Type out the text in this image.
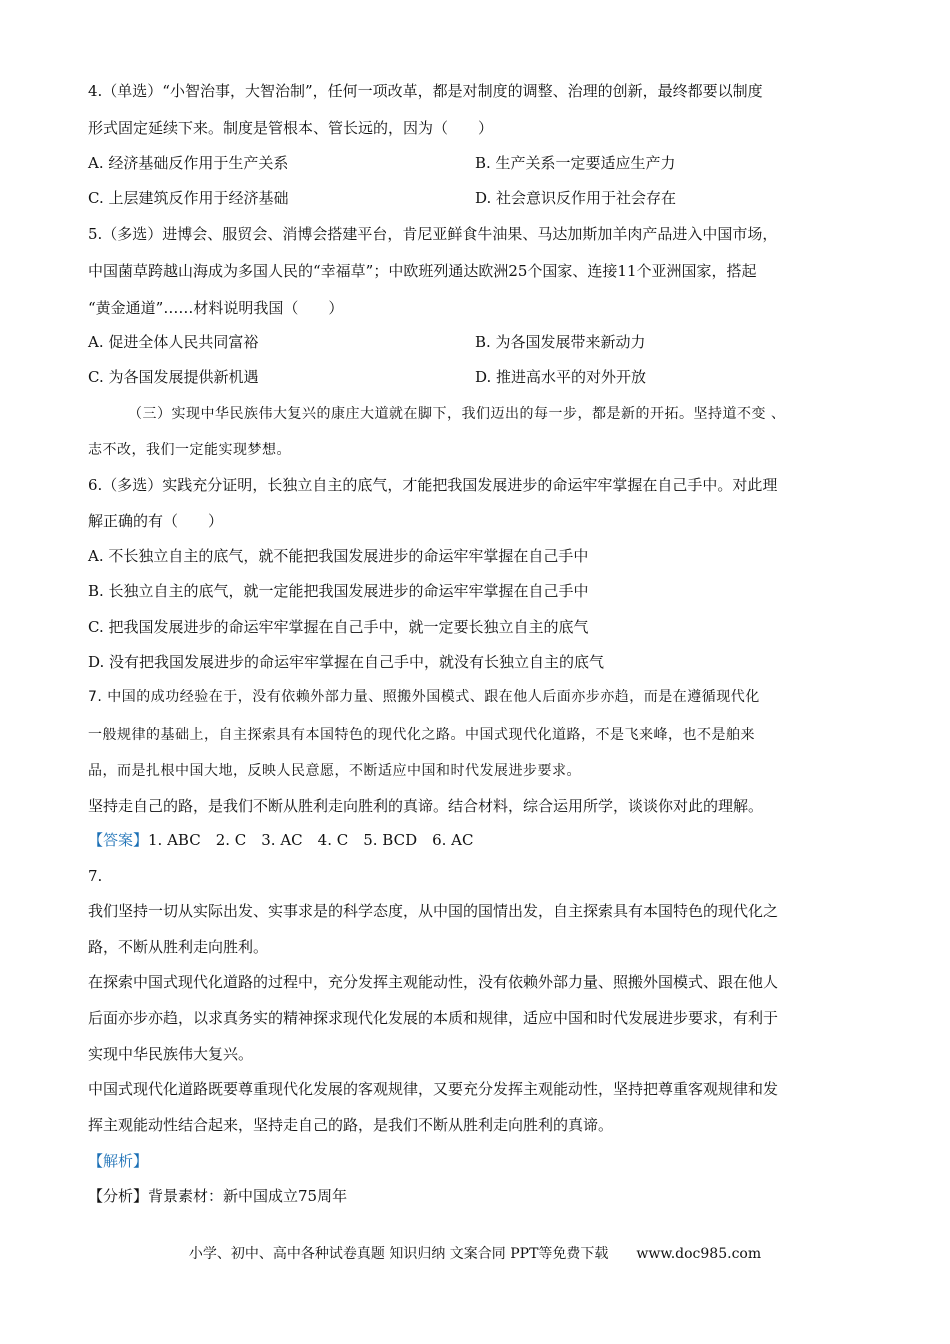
4.（单选）“小智治事，大智治制”，任何一项改革，都是对制度的调整、治理的创新，最终都要以制度
形式固定延续下来。制度是管根本、管长远的，因为（　　）
A. 经济基础反作用于生产关系	B. 生产关系一定要适应生产力
C. 上层建筑反作用于经济基础	D. 社会意识反作用于社会存在
5.（多选）进博会、服贸会、消博会搭建平台，肯尼亚鲜食牛油果、马达加斯加羊肉产品进入中国市场，
中国菌草跨越山海成为多国人民的“幸福草”；中欧班列通达欧洲25个国家、连接11个亚洲国家，搭起
“黄金通道”……材料说明我国（　　）
A. 促进全体人民共同富裕	B. 为各国发展带来新动力
C. 为各国发展提供新机遇	D. 推进高水平的对外开放
（三）实现中华民族伟大复兴的康庄大道就在脚下，我们迈出的每一步，都是新的开拓。坚持道不变 、
志不改，我们一定能实现梦想。
6.（多选）实践充分证明，长独立自主的底气，才能把我国发展进步的命运牢牢掌握在自己手中。对此理
解正确的有（　　）
A. 不长独立自主的底气，就不能把我国发展进步的命运牢牢掌握在自己手中
B. 长独立自主的底气，就一定能把我国发展进步的命运牢牢掌握在自己手中
C. 把我国发展进步的命运牢牢掌握在自己手中，就一定要长独立自主的底气
D. 没有把我国发展进步的命运牢牢掌握在自己手中，就没有长独立自主的底气
7. 中国的成功经验在于，没有依赖外部力量、照搬外国模式、跟在他人后面亦步亦趋，而是在遵循现代化
一般规律的基础上，自主探索具有本国特色的现代化之路。中国式现代化道路，不是飞来峰，也不是舶来
品，而是扎根中国大地，反映人民意愿，不断适应中国和时代发展进步要求。
坚持走自己的路，是我们不断从胜利走向胜利的真谛。结合材料，综合运用所学，谈谈你对此的理解。
【答案】1. ABC　2. C　3. AC　4. C　5. BCD　6. AC
7.
我们坚持一切从实际出发、实事求是的科学态度，从中国的国情出发，自主探索具有本国特色的现代化之
路，不断从胜利走向胜利。
在探索中国式现代化道路的过程中，充分发挥主观能动性，没有依赖外部力量、照搬外国模式、跟在他人
后面亦步亦趋，以求真务实的精神探求现代化发展的本质和规律，适应中国和时代发展进步要求，有利于
实现中华民族伟大复兴。
中国式现代化道路既要尊重现代化发展的客观规律，又要充分发挥主观能动性，坚持把尊重客观规律和发
挥主观能动性结合起来，坚持走自己的路，是我们不断从胜利走向胜利的真谛。
【解析】
【分析】背景素材：新中国成立75周年
小学、初中、高中各种试卷真题 知识归纳 文案合同 PPT等免费下载 www.doc985.com
